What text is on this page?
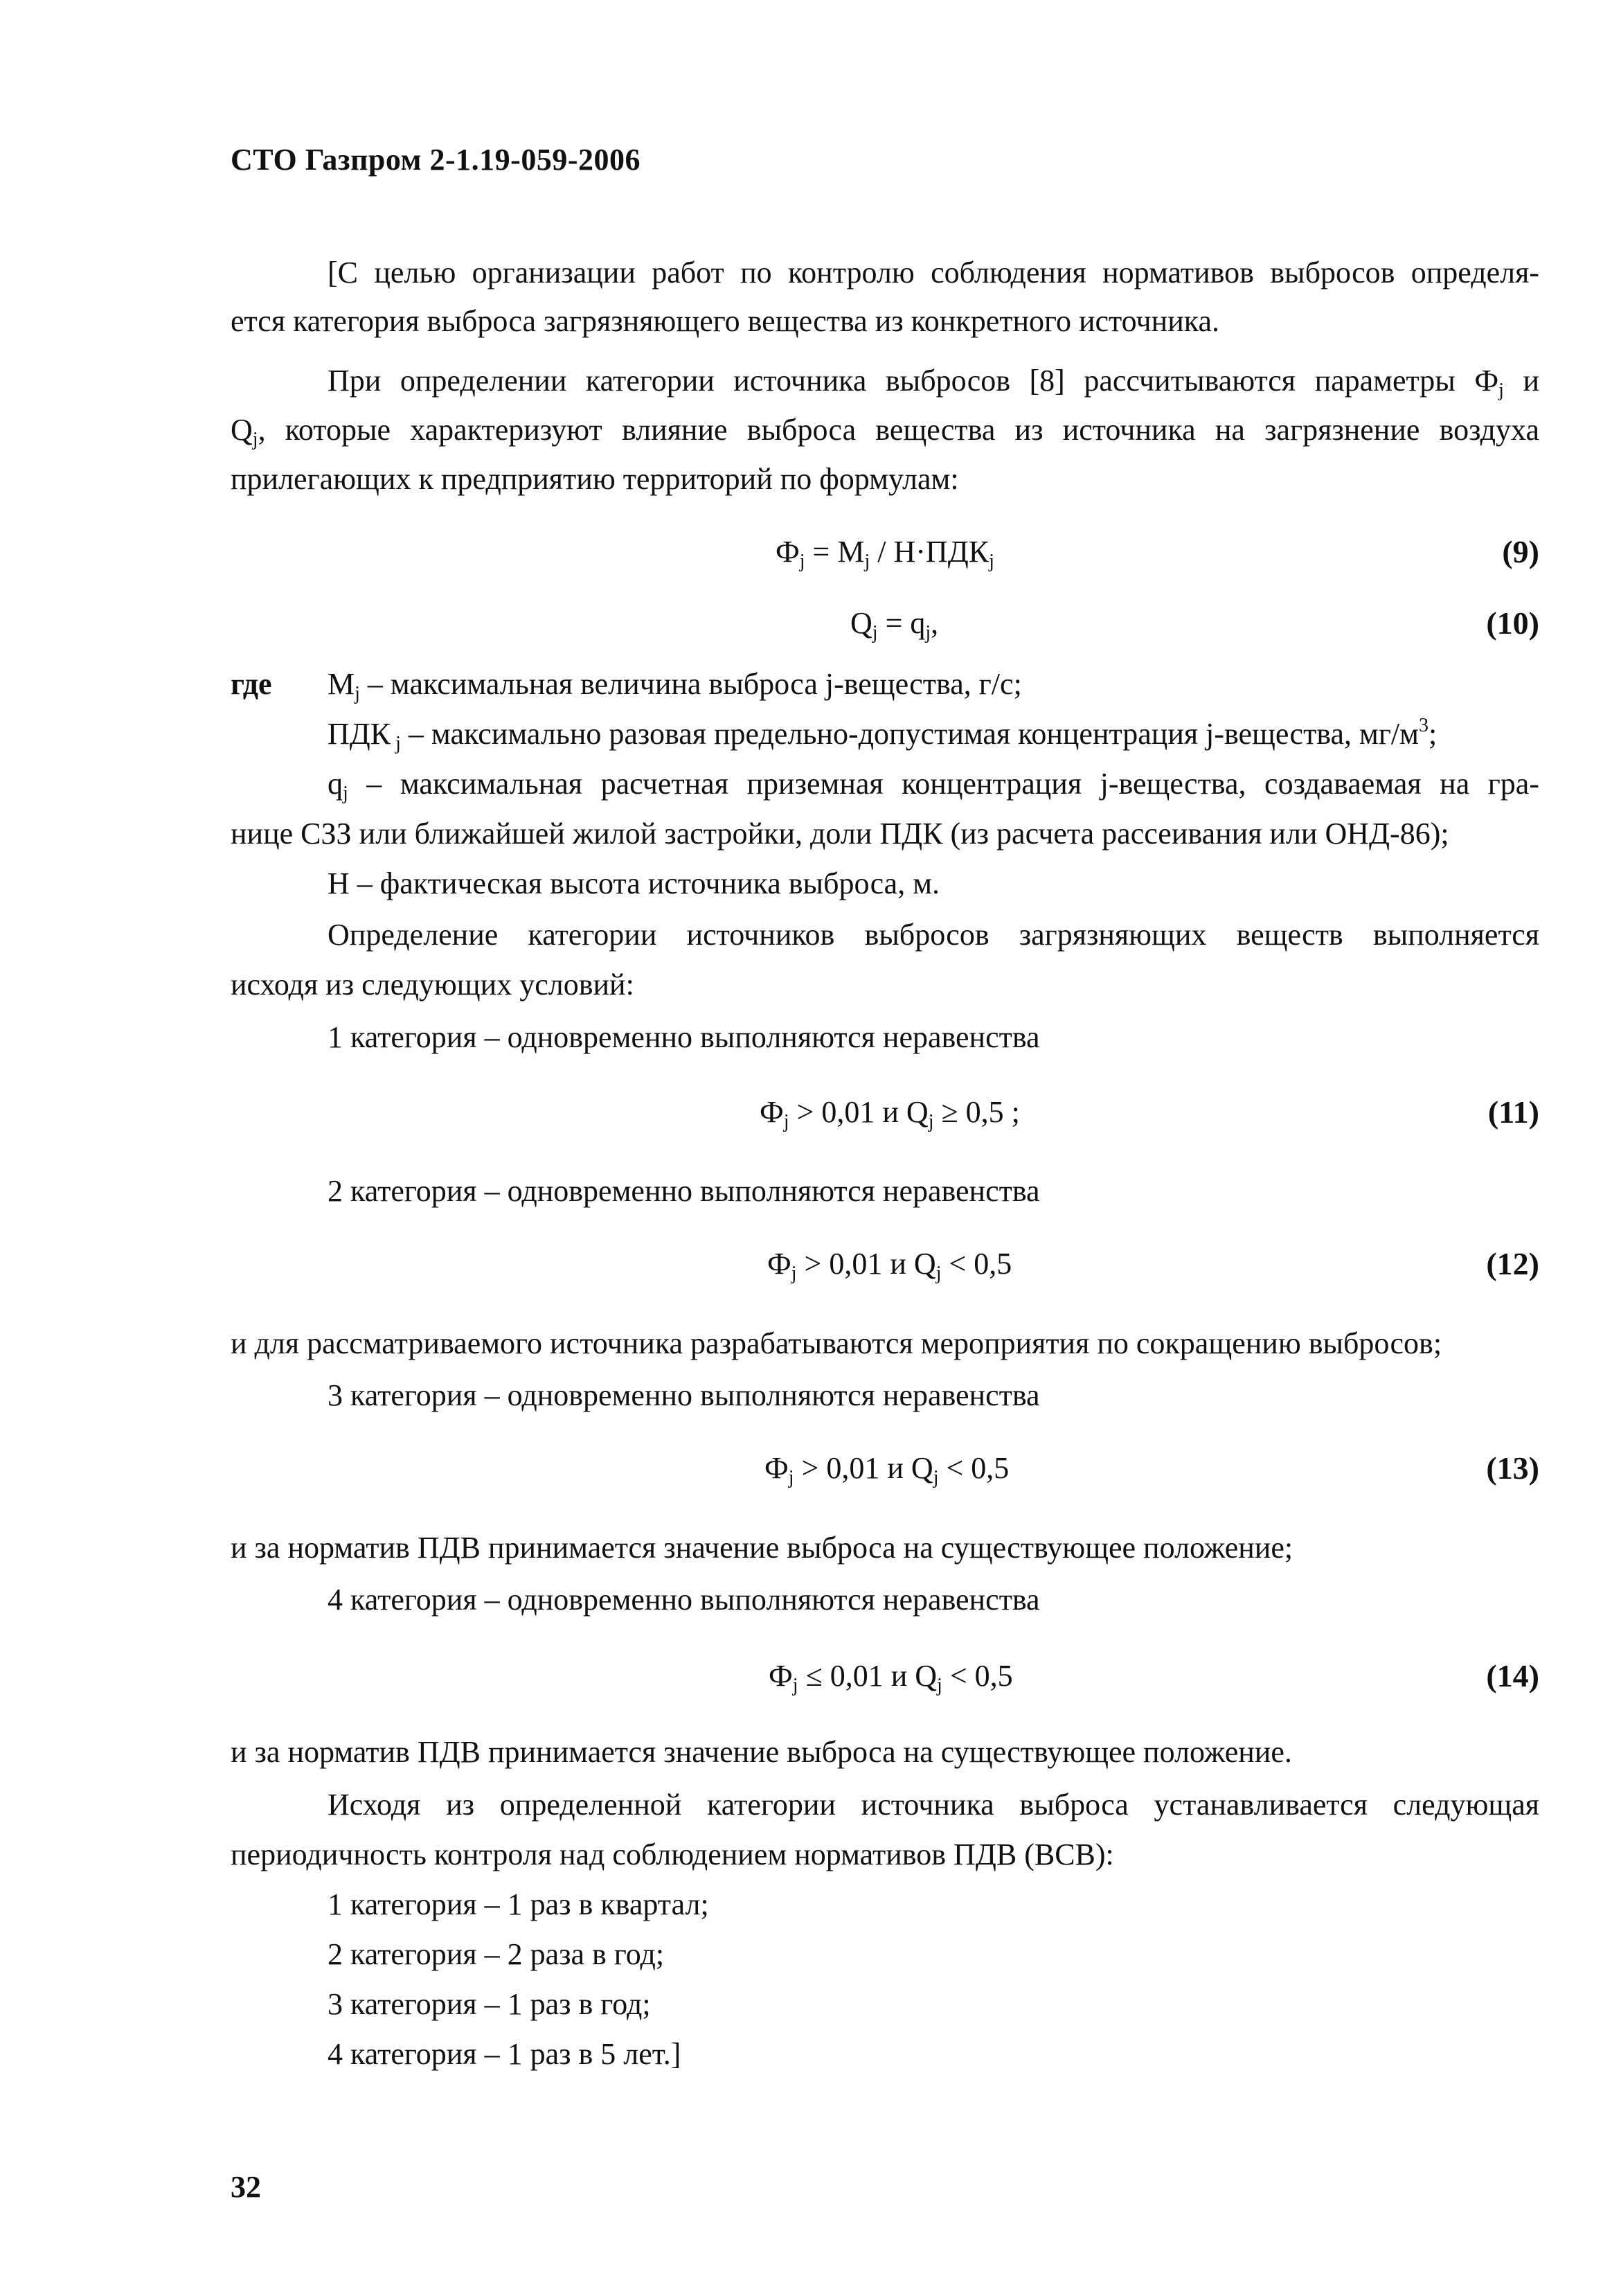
СТО Газпром 2-1.19-059-2006
[С целью организации работ по контролю соблюдения нормативов выбросов определя-
ется категория выброса загрязняющего вещества из конкретного источника.
При определении категории источника выбросов [8] рассчитываются параметры $Ф_j$ и
$Q_j$, которые характеризуют влияние выброса вещества из источника на загрязнение воздуха
прилегающих к предприятию территорий по формулам:
$Ф_j = M_j / H\cdot ПДК_j$	(9)
$Q_j = q_j$,	(10)
где $M_j$ – максимальная величина выброса j-вещества, г/с;
ПДК $_j$ – максимально разовая предельно-допустимая концентрация j-вещества, $мг/м^3$;
$q_j$ – максимальная расчетная приземная концентрация j-вещества, создаваемая на гра-
нице СЗЗ или ближайшей жилой застройки, доли ПДК (из расчета рассеивания или ОНД-86);
H – фактическая высота источника выброса, м.
Определение категории источников выбросов загрязняющих веществ выполняется
исходя из следующих условий:
1 категория – одновременно выполняются неравенства
$Ф_j > 0,01$ и $Q_j \ge 0,5$ ;	(11)
2 категория – одновременно выполняются неравенства
$Ф_j > 0,01$ и $Q_j < 0,5$	(12)
и для рассматриваемого источника разрабатываются мероприятия по сокращению выбросов;
3 категория – одновременно выполняются неравенства
$Ф_j > 0,01$ и $Q_j < 0,5$	(13)
и за норматив ПДВ принимается значение выброса на существующее положение;
4 категория – одновременно выполняются неравенства
$Ф_j \le 0,01$ и $Q_j < 0,5$	(14)
и за норматив ПДВ принимается значение выброса на существующее положение.
Исходя из определенной категории источника выброса устанавливается следующая
периодичность контроля над соблюдением нормативов ПДВ (ВСВ):
1 категория – 1 раз в квартал;
2 категория – 2 раза в год;
3 категория – 1 раз в год;
4 категория – 1 раз в 5 лет.]
32
